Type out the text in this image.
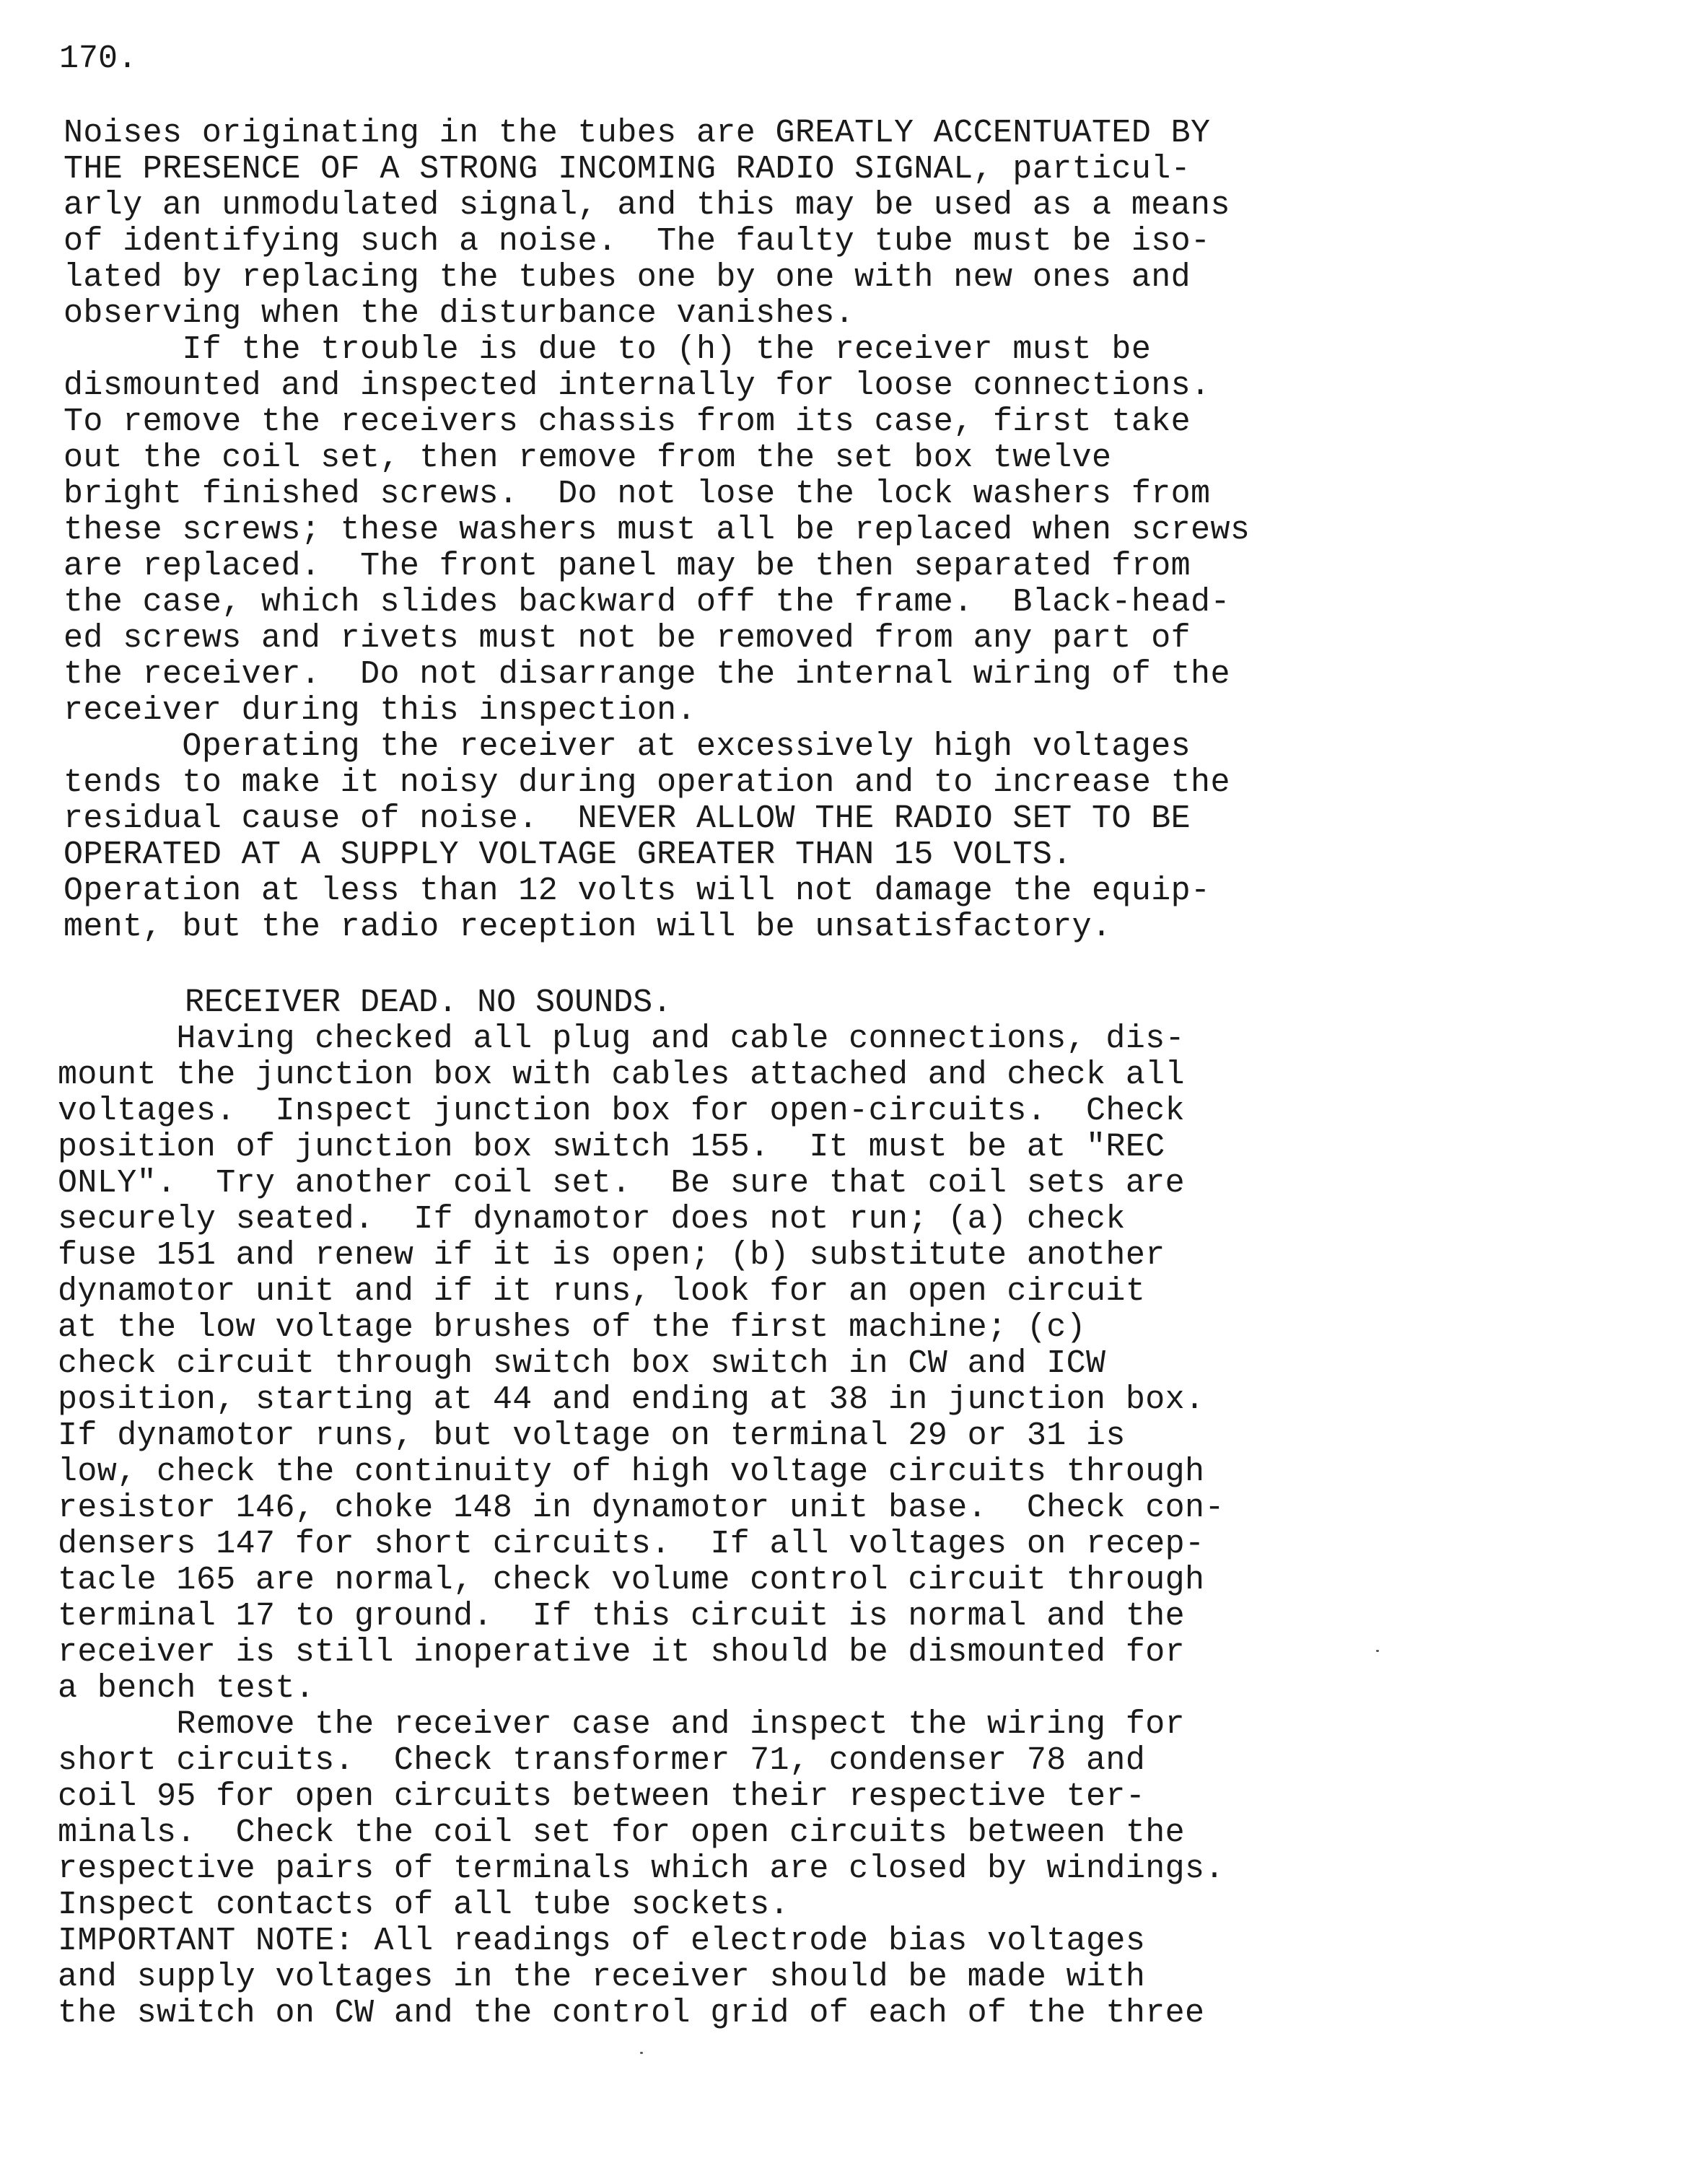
170.
Noises originating in the tubes are GREATLY ACCENTUATED BY
THE PRESENCE OF A STRONG INCOMING RADIO SIGNAL, particul-
arly an unmodulated signal, and this may be used as a means
of identifying such a noise.  The faulty tube must be iso-
lated by replacing the tubes one by one with new ones and
observing when the disturbance vanishes.
If the trouble is due to (h) the receiver must be
dismounted and inspected internally for loose connections.
To remove the receivers chassis from its case, first take
out the coil set, then remove from the set box twelve
bright finished screws.  Do not lose the lock washers from
these screws; these washers must all be replaced when screws
are replaced.  The front panel may be then separated from
the case, which slides backward off the frame.  Black-head-
ed screws and rivets must not be removed from any part of
the receiver.  Do not disarrange the internal wiring of the
receiver during this inspection.
Operating the receiver at excessively high voltages
tends to make it noisy during operation and to increase the
residual cause of noise.  NEVER ALLOW THE RADIO SET TO BE
OPERATED AT A SUPPLY VOLTAGE GREATER THAN 15 VOLTS.
Operation at less than 12 volts will not damage the equip-
ment, but the radio reception will be unsatisfactory.
RECEIVER DEAD. NO SOUNDS.
Having checked all plug and cable connections, dis-
mount the junction box with cables attached and check all
voltages.  Inspect junction box for open-circuits.  Check
position of junction box switch 155.  It must be at "REC
ONLY".  Try another coil set.  Be sure that coil sets are
securely seated.  If dynamotor does not run; (a) check
fuse 151 and renew if it is open; (b) substitute another
dynamotor unit and if it runs, look for an open circuit
at the low voltage brushes of the first machine; (c)
check circuit through switch box switch in CW and ICW
position, starting at 44 and ending at 38 in junction box.
If dynamotor runs, but voltage on terminal 29 or 31 is
low, check the continuity of high voltage circuits through
resistor 146, choke 148 in dynamotor unit base.  Check con-
densers 147 for short circuits.  If all voltages on recep-
tacle 165 are normal, check volume control circuit through
terminal 17 to ground.  If this circuit is normal and the
receiver is still inoperative it should be dismounted for
a bench test.
Remove the receiver case and inspect the wiring for
short circuits.  Check transformer 71, condenser 78 and
coil 95 for open circuits between their respective ter-
minals.  Check the coil set for open circuits between the
respective pairs of terminals which are closed by windings.
Inspect contacts of all tube sockets.
IMPORTANT NOTE: All readings of electrode bias voltages
and supply voltages in the receiver should be made with
the switch on CW and the control grid of each of the three
